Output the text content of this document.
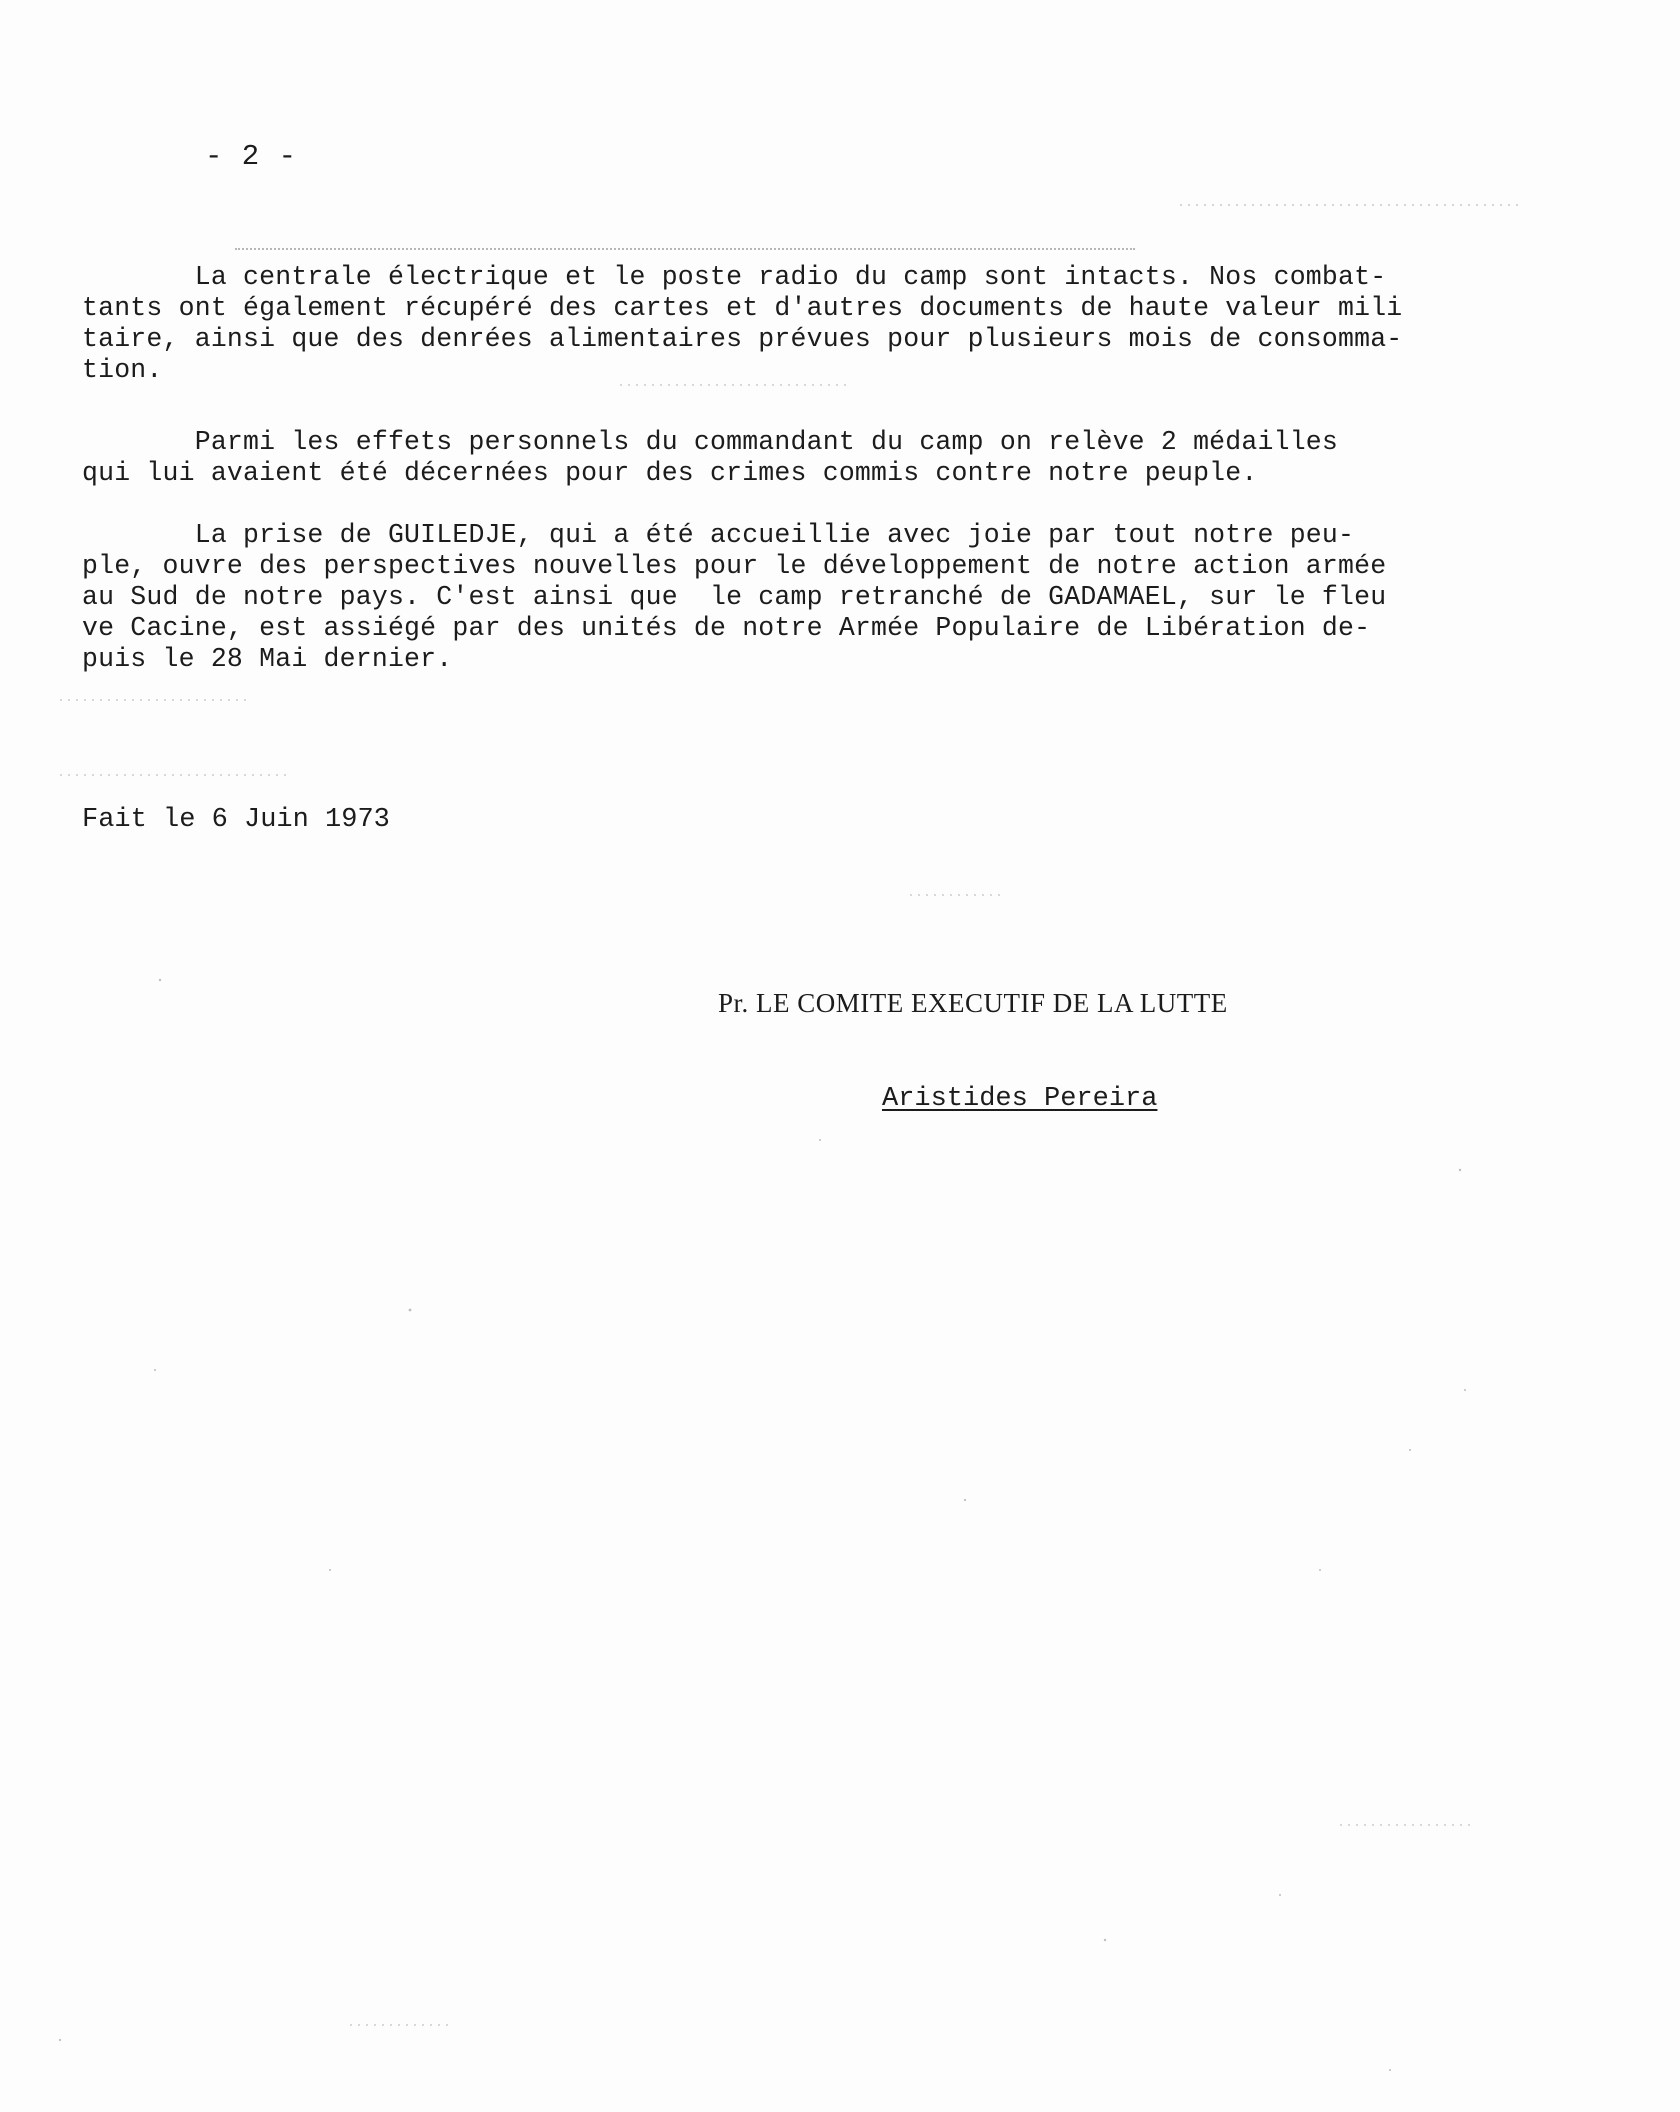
- 2 -

La centrale électrique et le poste radio du camp sont intacts. Nos combat-
tants ont également récupéré des cartes et d'autres documents de haute valeur mili
taire, ainsi que des denrées alimentaires prévues pour plusieurs mois de consomma-
tion.

Parmi les effets personnels du commandant du camp on relève 2 médailles
qui lui avaient été décernées pour des crimes commis contre notre peuple.

La prise de GUILEDJE, qui a été accueillie avec joie par tout notre peu-
ple, ouvre des perspectives nouvelles pour le développement de notre action armée
au Sud de notre pays. C'est ainsi que  le camp retranché de GADAMAEL, sur le fleu
ve Cacine, est assiégé par des unités de notre Armée Populaire de Libération de-
puis le 28 Mai dernier.

Fait le 6 Juin 1973
Pr. LE COMITE EXECUTIF DE LA LUTTE
Aristides Pereira
